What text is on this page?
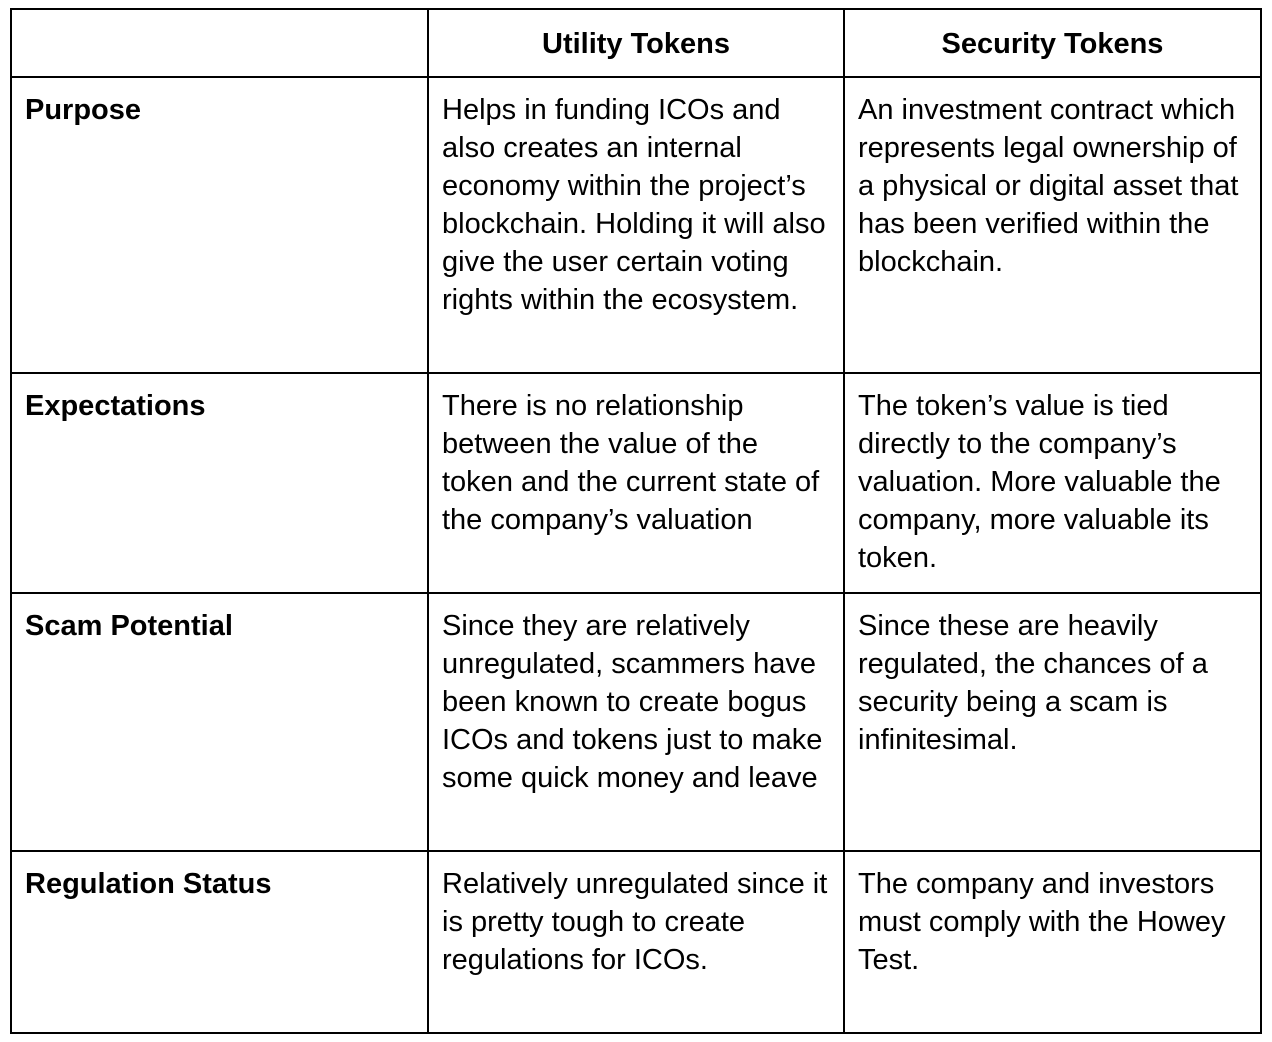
	Utility Tokens	Security Tokens

Purpose	Helps in funding ICOs and also creates an internal economy within the project’s blockchain. Holding it will also give the user certain voting rights within the ecosystem.	An investment contract which represents legal ownership of a physical or digital asset that has been verified within the blockchain.

Expectations	There is no relationship between the value of the token and the current state of the company’s valuation	The token’s value is tied directly to the company’s valuation. More valuable the company, more valuable its token.

Scam Potential	Since they are relatively unregulated, scammers have been known to create bogus ICOs and tokens just to make some quick money and leave	Since these are heavily regulated, the chances of a security being a scam is infinitesimal.

Regulation Status	Relatively unregulated since it is pretty tough to create regulations for ICOs.	The company and investors must comply with the Howey Test.
